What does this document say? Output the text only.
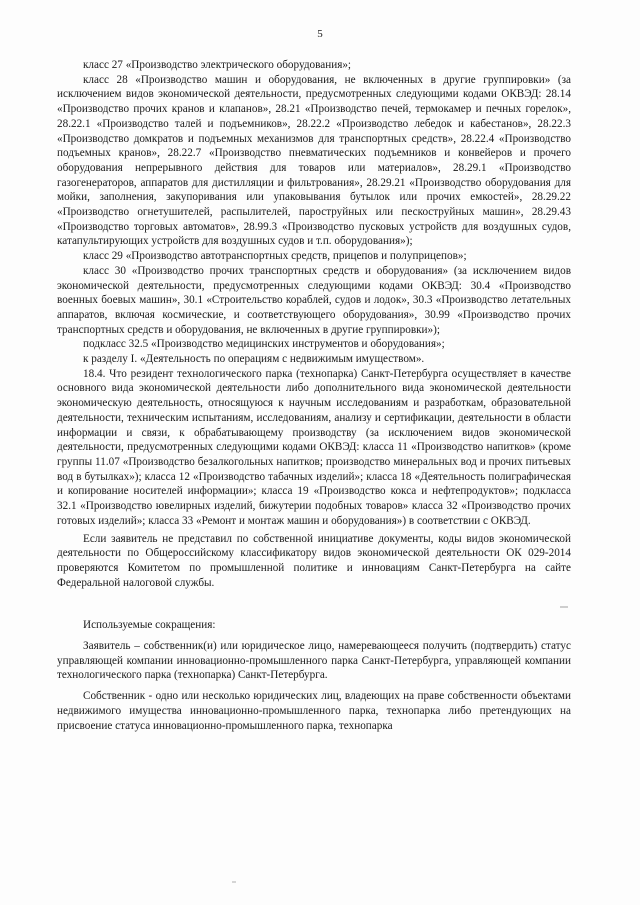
5

класс 27 «Производство электрического оборудования»;

класс 28 «Производство машин и оборудования, не включенных в другие группировки» (за исключением видов экономической деятельности, предусмотренных следующими кодами ОКВЭД: 28.14 «Производство прочих кранов и клапанов», 28.21 «Производство печей, термокамер и печных горелок», 28.22.1 «Производство талей и подъемников», 28.22.2 «Производство лебедок и кабестанов», 28.22.3 «Производство домкратов и подъемных механизмов для транспортных средств», 28.22.4 «Производство подъемных кранов», 28.22.7 «Производство пневматических подъемников и конвейеров и прочего оборудования непрерывного действия для товаров или материалов», 28.29.1 «Производство газогенераторов, аппаратов для дистилляции и фильтрования», 28.29.21 «Производство оборудования для мойки, заполнения, закупоривания или упаковывания бутылок или прочих емкостей», 28.29.22 «Производство огнетушителей, распылителей, пароструйных или пескоструйных машин», 28.29.43 «Производство торговых автоматов», 28.99.3 «Производство пусковых устройств для воздушных судов, катапультирующих устройств для воздушных судов и т.п. оборудования»);

класс 29 «Производство автотранспортных средств, прицепов и полуприцепов»;

класс 30 «Производство прочих транспортных средств и оборудования» (за исключением видов экономической деятельности, предусмотренных следующими кодами ОКВЭД: 30.4 «Производство военных боевых машин», 30.1 «Строительство кораблей, судов и лодок», 30.3 «Производство летательных аппаратов, включая космические, и соответствующего оборудования», 30.99 «Производство прочих транспортных средств и оборудования, не включенных в другие группировки»);

подкласс 32.5 «Производство медицинских инструментов и оборудования»;

к разделу I. «Деятельность по операциям с недвижимым имуществом».

18.4. Что резидент технологического парка (технопарка) Санкт-Петербурга осуществляет в качестве основного вида экономической деятельности либо дополнительного вида экономической деятельности экономическую деятельность, относящуюся к научным исследованиям и разработкам, образовательной деятельности, техническим испытаниям, исследованиям, анализу и сертификации, деятельности в области информации и связи, к обрабатывающему производству (за исключением видов экономической деятельности, предусмотренных следующими кодами ОКВЭД: класса 11 «Производство напитков» (кроме группы 11.07 «Производство безалкогольных напитков; производство минеральных вод и прочих питьевых вод в бутылках»); класса 12 «Производство табачных изделий»; класса 18 «Деятельность полиграфическая и копирование носителей информации»; класса 19 «Производство кокса и нефтепродуктов»; подкласса 32.1 «Производство ювелирных изделий, бижутерии подобных товаров» класса 32 «Производство прочих готовых изделий»; класса 33 «Ремонт и монтаж машин и оборудования») в соответствии с ОКВЭД.

Если заявитель не представил по собственной инициативе документы, коды видов экономической деятельности по Общероссийскому классификатору видов экономической деятельности ОК 029-2014 проверяются Комитетом по промышленной политике и инновациям Санкт-Петербурга на сайте Федеральной налоговой службы.

Используемые сокращения:

Заявитель – собственник(и) или юридическое лицо, намеревающееся получить (подтвердить) статус управляющей компании инновационно-промышленного парка Санкт-Петербурга, управляющей компании технологического парка (технопарка) Санкт-Петербурга.

Собственник - одно или несколько юридических лиц, владеющих на праве собственности объектами недвижимого имущества инновационно-промышленного парка, технопарка либо претендующих на присвоение статуса инновационно-промышленного парка, технопарка
